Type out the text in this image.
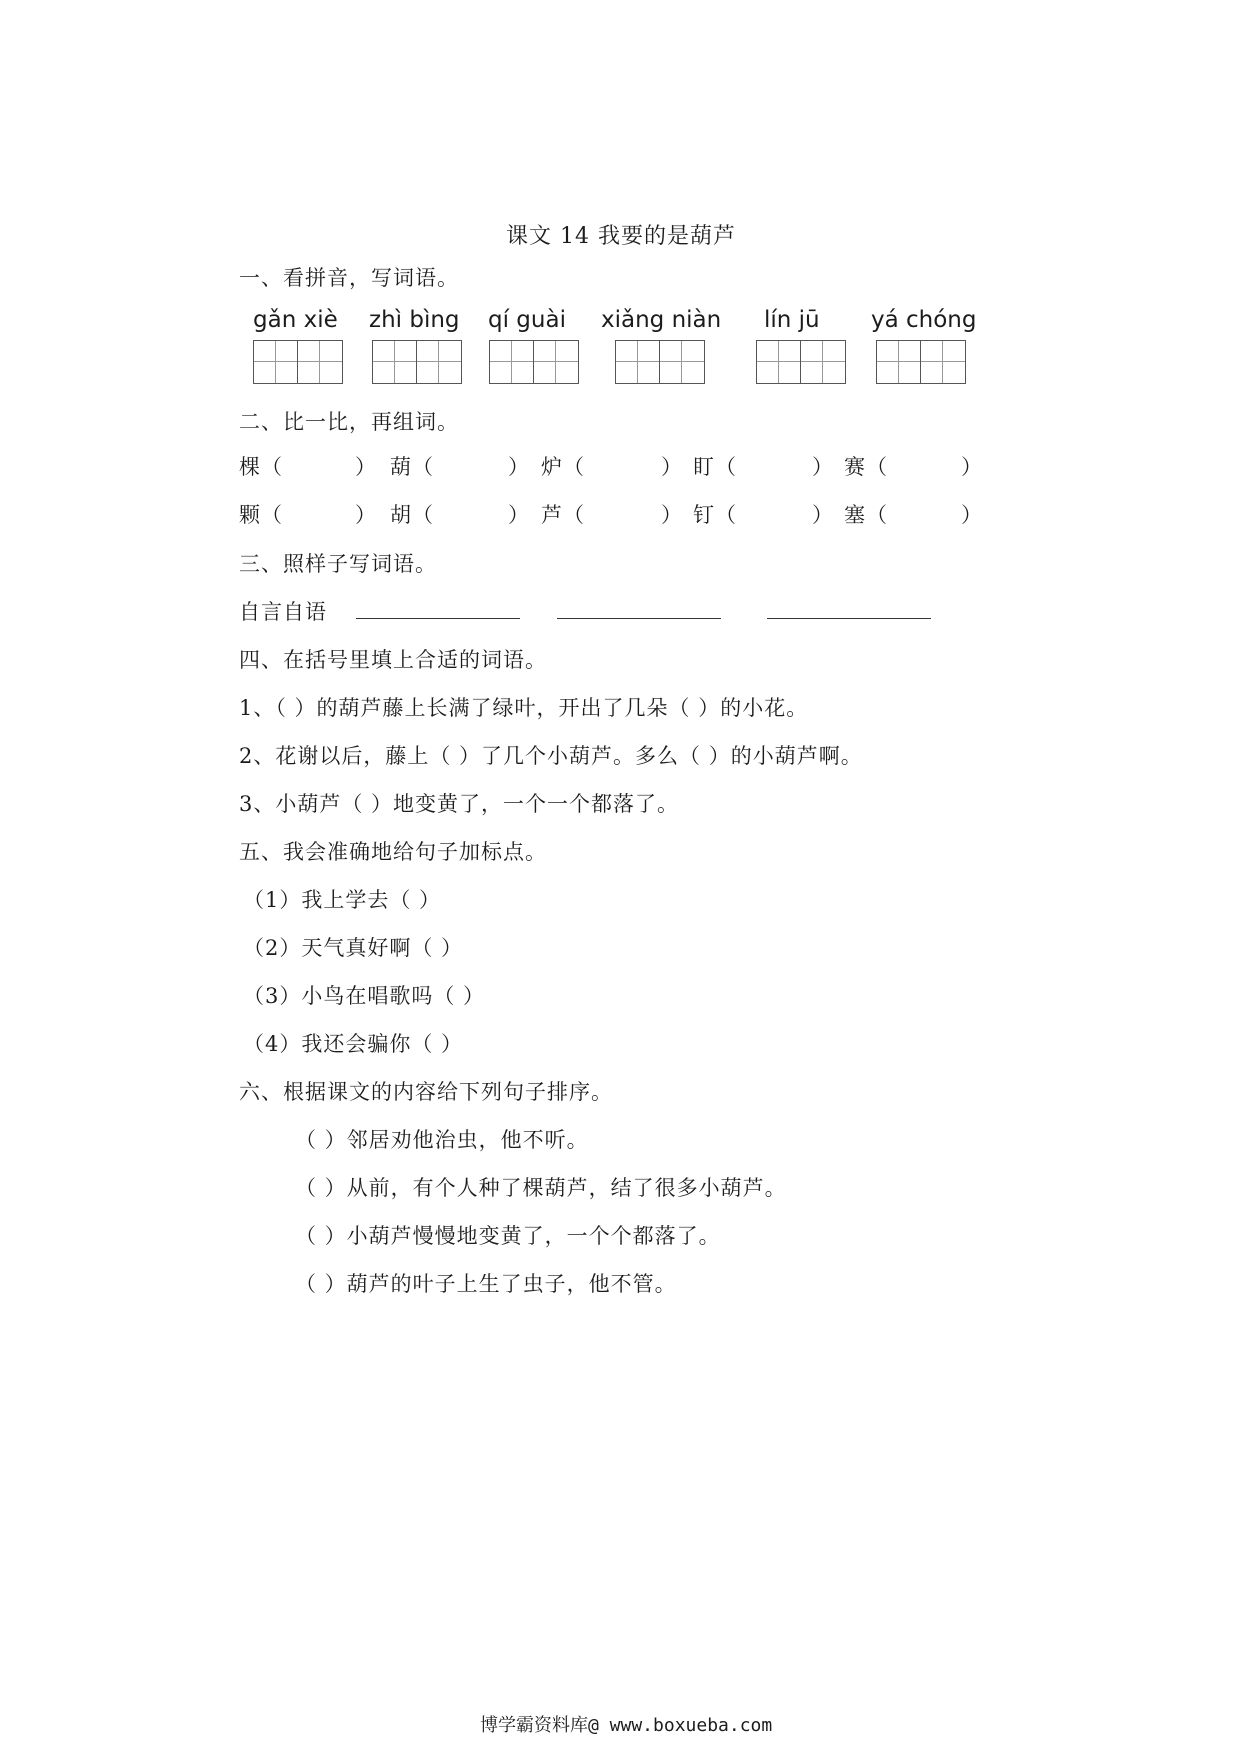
课文 14 我要的是葫芦
一、看拼音，写词语。
gǎn xiè zhì bìng qí guài xiǎng niàn lín jū yá chóng
二、比一比，再组词。
棵（	） 葫（	） 炉（	） 盯（	） 赛（	）
颗（	） 胡（	） 芦（	） 钉（	） 塞（	）
三、照样子写词语。
自言自语
四、在括号里填上合适的词语。
1、（ ）的葫芦藤上长满了绿叶，开出了几朵（ ）的小花。
2、花谢以后，藤上（ ）了几个小葫芦。多么（ ）的小葫芦啊。
3、小葫芦（ ）地变黄了，一个一个都落了。
五、我会准确地给句子加标点。
（1）我上学去（ ）
（2）天气真好啊（ ）
（3）小鸟在唱歌吗（ ）
（4）我还会骗你（ ）
六、根据课文的内容给下列句子排序。
（ ）邻居劝他治虫，他不听。
（ ）从前，有个人种了棵葫芦，结了很多小葫芦。
（ ）小葫芦慢慢地变黄了，一个个都落了。
（ ）葫芦的叶子上生了虫子，他不管。
博学霸资料库@ www.boxueba.com
